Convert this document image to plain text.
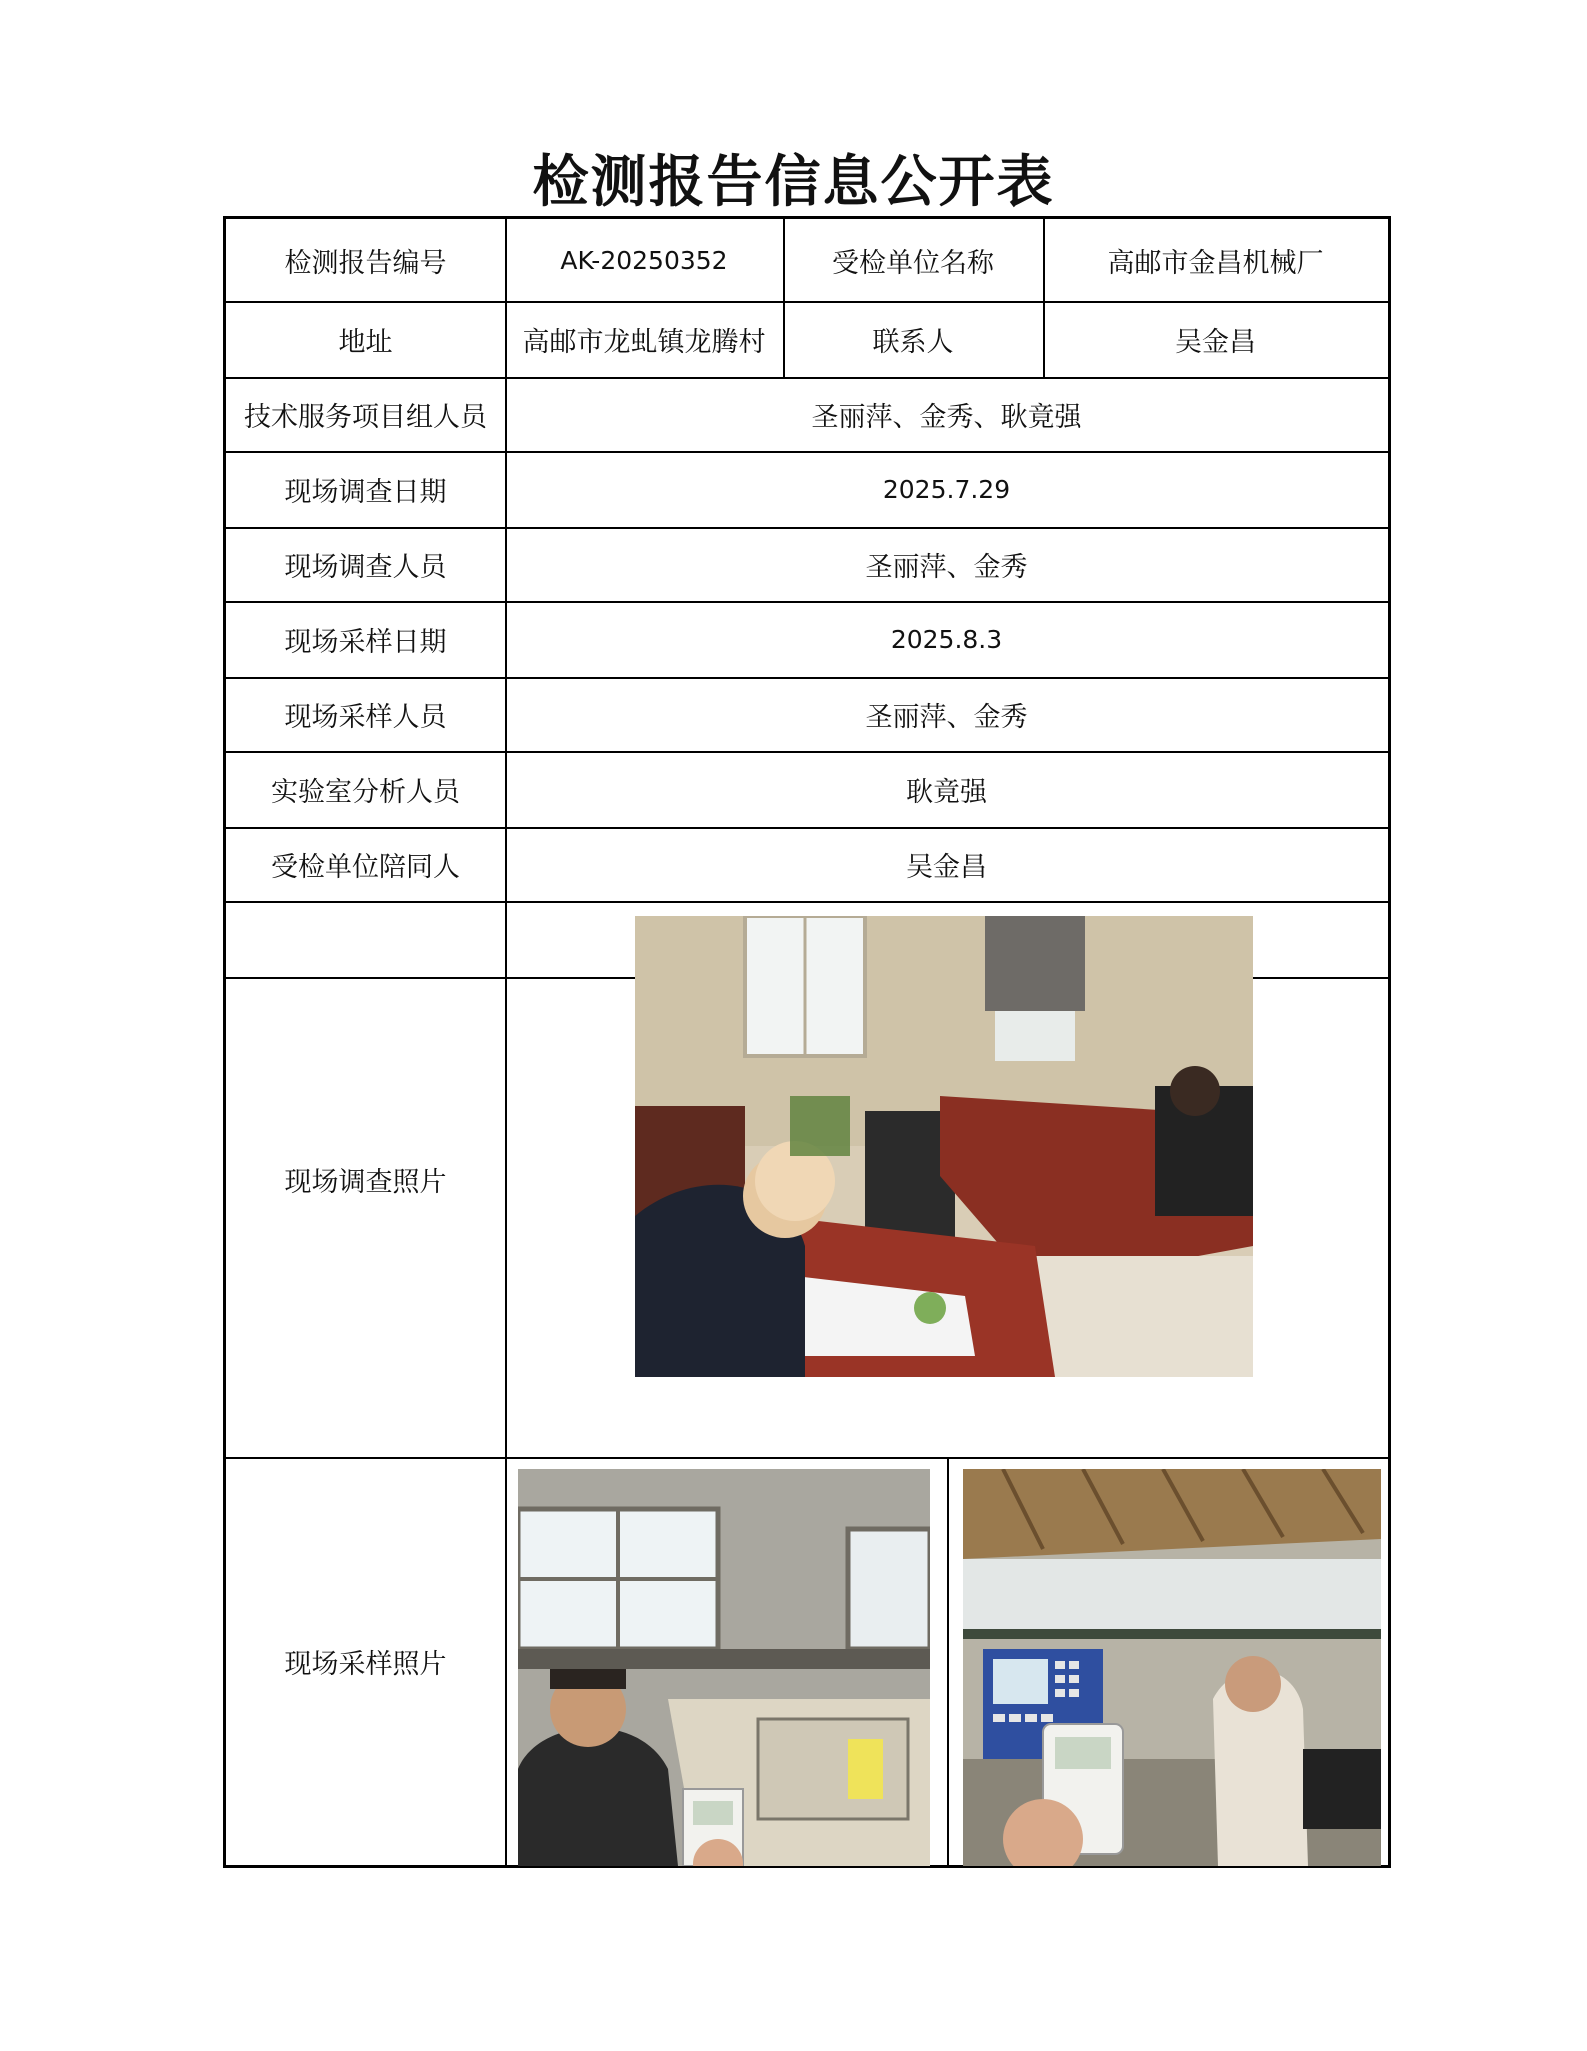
检测报告信息公开表
检测报告编号	AK-20250352	受检单位名称	高邮市金昌机械厂
地址	高邮市龙虬镇龙腾村	联系人	吴金昌
技术服务项目组人员	圣丽萍、金秀、耿竟强
现场调查日期	2025.7.29
现场调查人员	圣丽萍、金秀
现场采样日期	2025.8.3
现场采样人员	圣丽萍、金秀
实验室分析人员	耿竟强
受检单位陪同人	吴金昌
现场调查照片
现场采样照片
